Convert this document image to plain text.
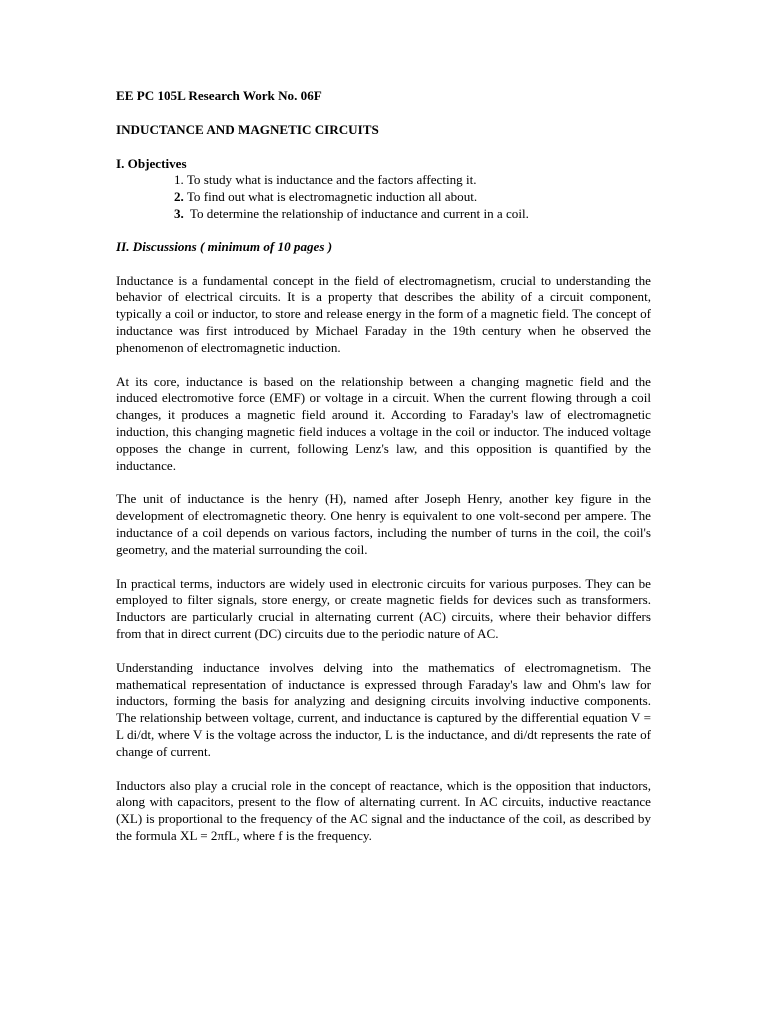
EE PC 105L Research Work No. 06F

INDUCTANCE AND MAGNETIC CIRCUITS

I. Objectives

1. To study what is inductance and the factors affecting it.
2. To find out what is electromagnetic induction all about.
3. To determine the relationship of inductance and current in a coil.

II. Discussions ( minimum of 10 pages )

Inductance is a fundamental concept in the field of electromagnetism, crucial to understanding the behavior of electrical circuits. It is a property that describes the ability of a circuit component, typically a coil or inductor, to store and release energy in the form of a magnetic field. The concept of inductance was first introduced by Michael Faraday in the 19th century when he observed the phenomenon of electromagnetic induction.

At its core, inductance is based on the relationship between a changing magnetic field and the induced electromotive force (EMF) or voltage in a circuit. When the current flowing through a coil changes, it produces a magnetic field around it. According to Faraday's law of electromagnetic induction, this changing magnetic field induces a voltage in the coil or inductor. The induced voltage opposes the change in current, following Lenz's law, and this opposition is quantified by the inductance.

The unit of inductance is the henry (H), named after Joseph Henry, another key figure in the development of electromagnetic theory. One henry is equivalent to one volt-second per ampere. The inductance of a coil depends on various factors, including the number of turns in the coil, the coil's geometry, and the material surrounding the coil.

In practical terms, inductors are widely used in electronic circuits for various purposes. They can be employed to filter signals, store energy, or create magnetic fields for devices such as transformers. Inductors are particularly crucial in alternating current (AC) circuits, where their behavior differs from that in direct current (DC) circuits due to the periodic nature of AC.

Understanding inductance involves delving into the mathematics of electromagnetism. The mathematical representation of inductance is expressed through Faraday's law and Ohm's law for inductors, forming the basis for analyzing and designing circuits involving inductive components. The relationship between voltage, current, and inductance is captured by the differential equation V = L di/dt, where V is the voltage across the inductor, L is the inductance, and di/dt represents the rate of change of current.

Inductors also play a crucial role in the concept of reactance, which is the opposition that inductors, along with capacitors, present to the flow of alternating current. In AC circuits, inductive reactance (XL) is proportional to the frequency of the AC signal and the inductance of the coil, as described by the formula XL = 2πfL, where f is the frequency.
